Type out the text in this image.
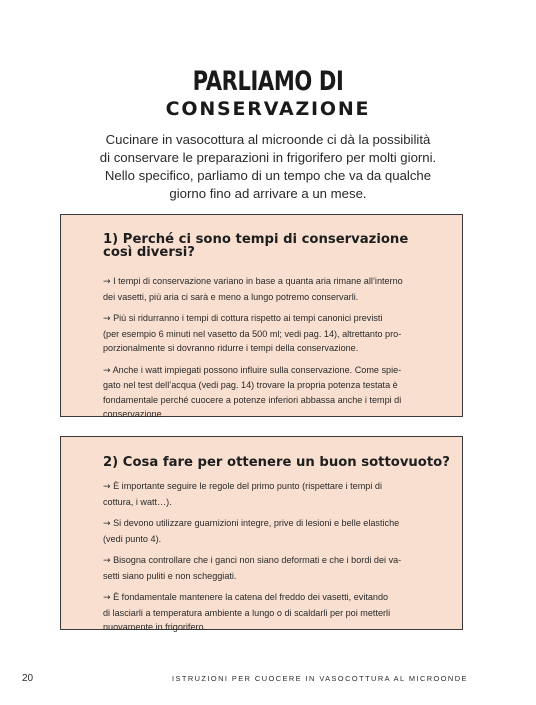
PARLIAMO DI
CONSERVAZIONE
Cucinare in vasocottura al microonde ci dà la possibilità
di conservare le preparazioni in frigorifero per molti giorni.
Nello specifico, parliamo di un tempo che va da qualche
giorno fino ad arrivare a un mese.
1) Perché ci sono tempi di conservazione
così diversi?
→ I tempi di conservazione variano in base a quanta aria rimane all’interno
dei vasetti, più aria ci sarà e meno a lungo potremo conservarli.
→ Più si ridurranno i tempi di cottura rispetto ai tempi canonici previsti
(per esempio 6 minuti nel vasetto da 500 ml; vedi pag. 14), altrettanto pro-
porzionalmente si dovranno ridurre i tempi della conservazione.
→ Anche i watt impiegati possono influire sulla conservazione. Come spie-
gato nel test dell’acqua (vedi pag. 14) trovare la propria potenza testata è
fondamentale perché cuocere a potenze inferiori abbassa anche i tempi di
conservazione.
2) Cosa fare per ottenere un buon sottovuoto?
→ È importante seguire le regole del primo punto (rispettare i tempi di
cottura, i watt…).
→ Si devono utilizzare guarnizioni integre, prive di lesioni e belle elastiche
(vedi punto 4).
→ Bisogna controllare che i ganci non siano deformati e che i bordi dei va-
setti siano puliti e non scheggiati.
→ È fondamentale mantenere la catena del freddo dei vasetti, evitando
di lasciarli a temperatura ambiente a lungo o di scaldarli per poi metterli
nuovamente in frigorifero.
20	ISTRUZIONI PER CUOCERE IN VASOCOTTURA AL MICROONDE
